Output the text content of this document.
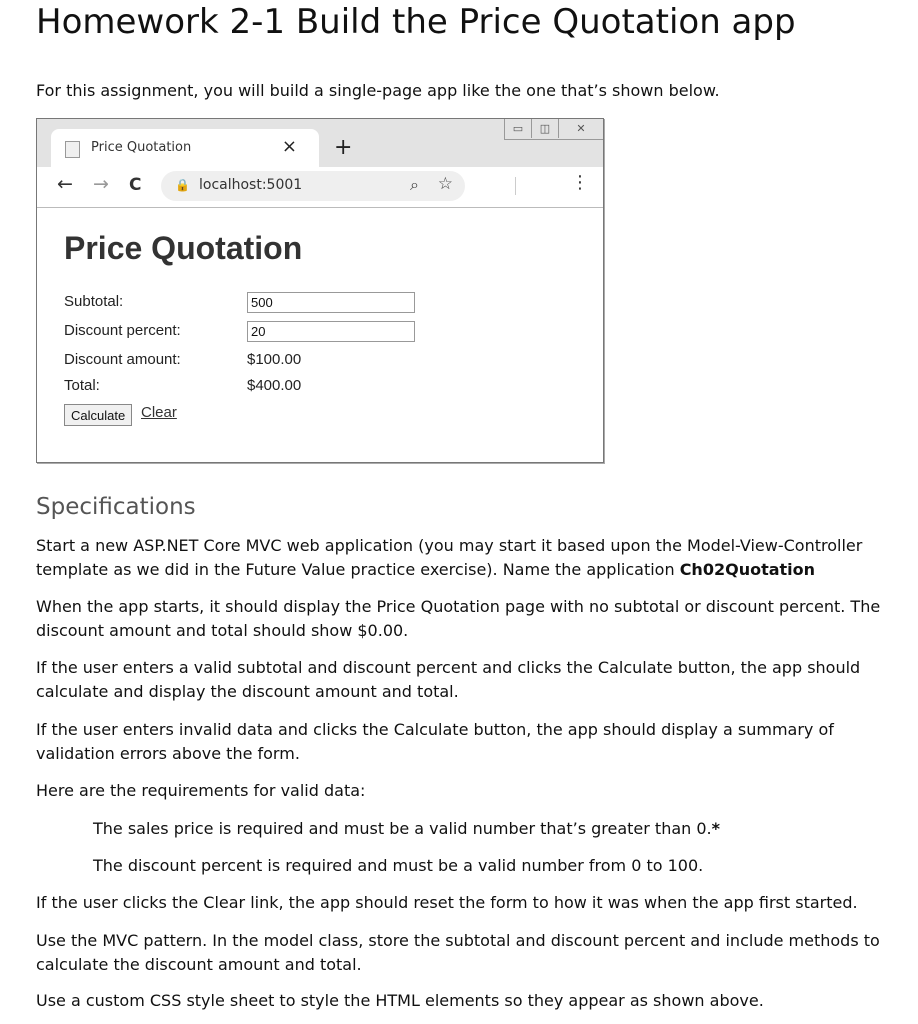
Homework 2-1 Build the Price Quotation app

For this assignment, you will build a single-page app like the one that’s shown below.

▭	◫	✕
Price Quotation	× +
← → C	🔒 localhost:5001	⌕ ☆	⋮
Price Quotation
Subtotal:
500
Discount percent:
20
Discount amount:	$100.00
Total:	$400.00
Calculate	Clear
Specifications

Start a new ASP.NET Core MVC web application (you may start it based upon the Model-View-Controller template as we did in the Future Value practice exercise). Name the application Ch02Quotation

When the app starts, it should display the Price Quotation page with no subtotal or discount percent. The discount amount and total should show $0.00.

If the user enters a valid subtotal and discount percent and clicks the Calculate button, the app should calculate and display the discount amount and total.

If the user enters invalid data and clicks the Calculate button, the app should display a summary of validation errors above the form.

Here are the requirements for valid data:

The sales price is required and must be a valid number that’s greater than 0.*

The discount percent is required and must be a valid number from 0 to 100.

If the user clicks the Clear link, the app should reset the form to how it was when the app first started.

Use the MVC pattern. In the model class, store the subtotal and discount percent and include methods to calculate the discount amount and total.

Use a custom CSS style sheet to style the HTML elements so they appear as shown above.
